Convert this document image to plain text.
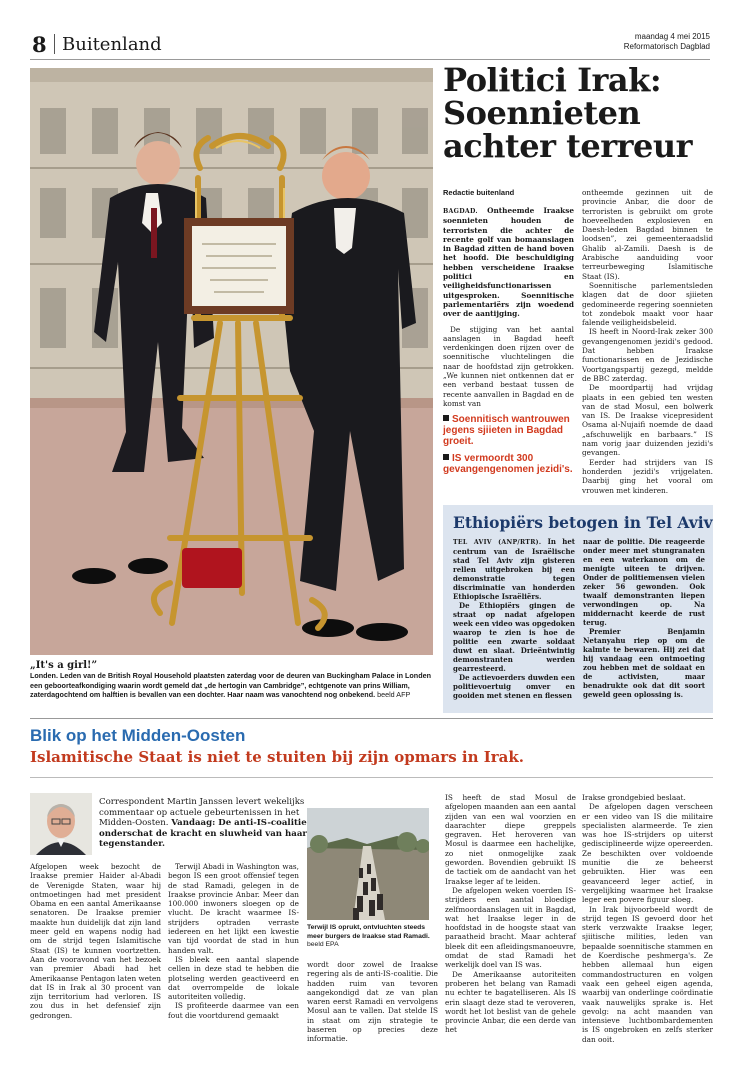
8 Buitenland	maandag 4 mei 2015
Reformatorisch Dagblad
„It's a girl!”
Londen. Leden van de British Royal Household plaatsten zaterdag voor de deuren van Buckingham Palace in Londen een geboorteafkondiging waarin wordt gemeld dat „de hertogin van Cambridge”, echtgenote van prins William, zaterdagochtend om halftien is bevallen van een dochter. Haar naam was vanochtend nog onbekend. beeld AFP
Politici Irak: Soennieten achter terreur
Redactie buitenland

BAGDAD. Ontheemde Iraakse soennieten houden de terroristen die achter de recente golf van bomaanslagen in Bagdad zitten de hand boven het hoofd. Die beschuldiging hebben verscheidene Iraakse politici en veiligheidsfunctionarissen uitgesproken. Soennitische parlementariërs zijn woedend over de aantijging.

De stijging van het aantal aanslagen in Bagdad heeft verdenkingen doen rijzen over de soennitische vluchtelingen die naar de hoofdstad zijn getrokken. „We kunnen niet ontkennen dat er een verband bestaat tussen de recente aanvallen in Bagdad en de komst van

Soennitisch wantrouwen jegens sjiieten in Bagdad groeit.
IS vermoordt 300 gevangengenomen jezidi's.

ontheemde gezinnen uit de provincie Anbar, die door de terroristen is gebruikt om grote hoeveelheden explosieven en Daesh-leden Bagdad binnen te loodsen”, zei gemeenteraadslid Ghalib al-Zamili. Daesh is de Arabische aanduiding voor terreurbeweging Islamitische Staat (IS).

Soennitische parlementsleden klagen dat de door sjiieten gedomineerde regering soennieten tot zondebok maakt voor haar falende veiligheidsbeleid.

IS heeft in Noord-Irak zeker 300 gevangengenomen jezidi's gedood. Dat hebben Iraakse functionarissen en de Jezidische Voortgangspartij gezegd, meldde de BBC zaterdag.

De moordpartij had vrijdag plaats in een gebied ten westen van de stad Mosul, een bolwerk van IS. De Iraakse vicepresident Osama al-Nujaifi noemde de daad „afschuwelijk en barbaars.” IS nam vorig jaar duizenden jezidi's gevangen.

Eerder had strijders van IS honderden jezidi's vrijgelaten. Daarbij ging het vooral om vrouwen met kinderen.

Ethiopiërs betogen in Tel Aviv

TEL AVIV (ANP/RTR). In het centrum van de Israëlische stad Tel Aviv zijn gisteren rellen uitgebroken bij een demonstratie tegen discriminatie van honderden Ethiopische Israëliërs.

De Ethiopiërs gingen de straat op nadat afgelopen week een video was opgedoken waarop te zien is hoe de politie een zwarte soldaat duwt en slaat. Drieëntwintig demonstranten werden gearresteerd.

De actievoerders duwden een politievoertuig omver en gooiden met stenen en flessen

naar de politie. Die reageerde onder meer met stungranaten en een waterkanon om de menigte uiteen te drijven. Onder de politiemensen vielen zeker 56 gewonden. Ook twaalf demonstranten liepen verwondingen op. Na middernacht keerde de rust terug.

Premier Benjamin Netanyahu riep op om de kalmte te bewaren. Hij zei dat hij vandaag een ontmoeting zou hebben met de soldaat en de activisten, maar benadrukte ook dat dit soort geweld geen oplossing is.

Blik op het Midden-Oosten
Islamitische Staat is niet te stuiten bij zijn opmars in Irak.
Correspondent Martin Janssen levert wekelijks commentaar op actuele gebeurtenissen in het Midden-Oosten. Vandaag: De anti-IS-coalitie onderschat de kracht en sluwheid van haar tegenstander.

Afgelopen week bezocht de Iraakse premier Haider al-Abadi de Verenigde Staten, waar hij ontmoetingen had met president Obama en een aantal Amerikaanse senatoren. De Iraakse premier maakte hun duidelijk dat zijn land meer geld en wapens nodig had om de strijd tegen Islamitische Staat (IS) te kunnen voortzetten. Aan de vooravond van het bezoek van premier Abadi had het Amerikaanse Pentagon laten weten dat IS in Irak al 30 procent van zijn territorium had verloren. IS zou dus in het defensief zijn gedrongen.

Terwijl Abadi in Washington was, begon IS een groot offensief tegen de stad Ramadi, gelegen in de Iraakse provincie Anbar. Meer dan 100.000 inwoners sloegen op de vlucht. De kracht waarmee IS-strijders optraden verraste iedereen en het lijkt een kwestie van tijd voordat de stad in hun handen valt.

IS bleek een aantal slapende cellen in deze stad te hebben die plotseling werden geactiveerd en dat overrompelde de lokale autoriteiten volledig.

IS profiteerde daarmee van een fout die voortdurend gemaakt

Terwijl IS oprukt, ontvluchten steeds meer burgers de Iraakse stad Ramadi. beeld EPA

wordt door zowel de Iraakse regering als de anti-IS-coalitie. Die hadden ruim van tevoren aangekondigd dat ze van plan waren eerst Ramadi en vervolgens Mosul aan te vallen. Dat stelde IS in staat om zijn strategie te baseren op precies deze informatie.

IS heeft de stad Mosul de afgelopen maanden aan een aantal zijden van een wal voorzien en daarachter diepe greppels gegraven. Het heroveren van Mosul is daarmee een hachelijke, zo niet onmogelijke zaak geworden. Bovendien gebruikt IS de tactiek om de aandacht van het Iraakse leger af te leiden.

De afgelopen weken voerden IS-strijders een aantal bloedige zelfmoordaanslagen uit in Bagdad, wat het Iraakse leger in de hoofdstad in de hoogste staat van paraatheid bracht. Maar achteraf bleek dit een afleidingsmanoeuvre, omdat de stad Ramadi het werkelijk doel van IS was.

De Amerikaanse autoriteiten proberen het belang van Ramadi nu echter te bagatelliseren. Als IS erin slaagt deze stad te veroveren, wordt het lot beslist van de gehele provincie Anbar, die een derde van het

Irakse grondgebied beslaat.

De afgelopen dagen verscheen er een video van IS die militaire specialisten alarmeerde. Te zien was hoe IS-strijders op uiterst gedisciplineerde wijze opereerden. Ze beschikten over voldoende munitie die ze beheerst gebruikten. Hier was een geavanceerd leger actief, in vergelijking waarmee het Iraakse leger een povere figuur sloeg.

In Irak bijvoorbeeld wordt de strijd tegen IS gevoerd door het sterk verzwakte Iraakse leger, sjiitische milities, leden van bepaalde soennitische stammen en de Koerdische peshmerga's. Ze hebben allemaal hun eigen commandostructuren en volgen vaak een geheel eigen agenda, waarbij van onderlinge coördinatie vaak nauwelijks sprake is. Het gevolg: na acht maanden van intensieve luchtbombardementen is IS ongebroken en zelfs sterker dan ooit.
